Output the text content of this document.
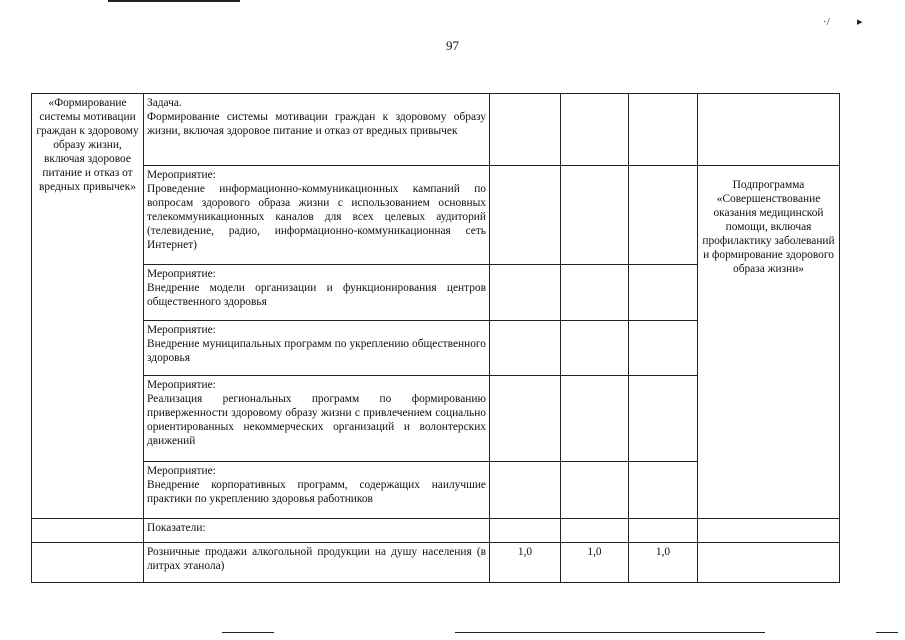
·/ ▸
97
«Формирование системы мотивации граждан к здоровому образу жизни, включая здоровое питание и отказ от вредных привычек»	Задача.
Формирование системы мотивации граждан к здоровому образу жизни, включая здоровое питание и отказ от вредных привычек				

	Мероприятие:
Проведение информационно-коммуникационных кампаний по вопросам здорового образа жизни с использованием основных телекоммуникационных каналов для всех целевых аудиторий (телевидение, радио, информационно-коммуникационная сеть Интернет)				Подпрограмма «Совершенствование оказания медицинской помощи, включая профилактику заболеваний и формирование здорового образа жизни»

	Мероприятие:
Внедрение модели организации и функционирования центров общественного здоровья				

	Мероприятие:
Внедрение муниципальных программ по укреплению общественного здоровья				

	Мероприятие:
Реализация региональных программ по формированию приверженности здоровому образу жизни с привлечением социально ориентированных некоммерческих организаций и волонтерских движений				

	Мероприятие:
Внедрение корпоративных программ, содержащих наилучшие практики по укреплению здоровья работников				

	Показатели:				

	Розничные продажи алкогольной продукции на душу населения (в литрах этанола)	1,0	1,0	1,0	
